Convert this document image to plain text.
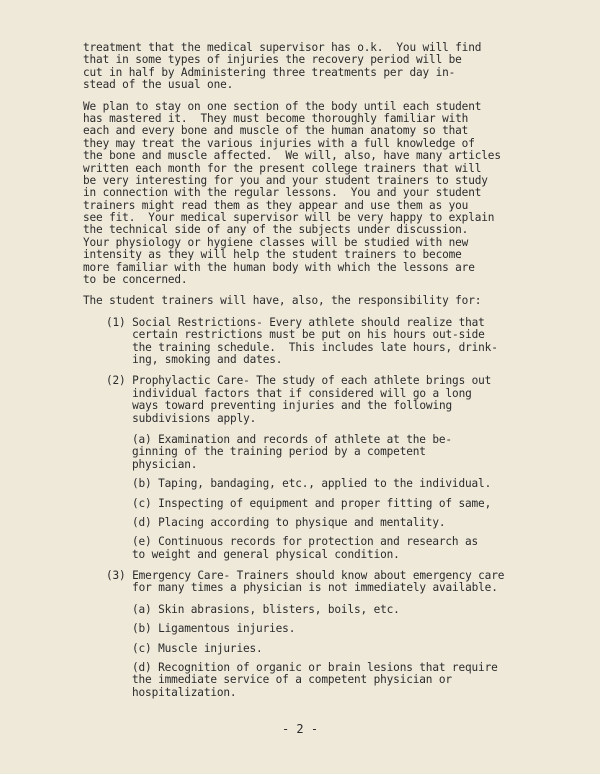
treatment that the medical supervisor has o.k.  You will find
that in some types of injuries the recovery period will be
cut in half by Administering three treatments per day in-
stead of the usual one.
We plan to stay on one section of the body until each student
has mastered it.  They must become thoroughly familiar with
each and every bone and muscle of the human anatomy so that
they may treat the various injuries with a full knowledge of
the bone and muscle affected.  We will, also, have many articles
written each month for the present college trainers that will
be very interesting for you and your student trainers to study
in connection with the regular lessons.  You and your student
trainers might read them as they appear and use them as you
see fit.  Your medical supervisor will be very happy to explain
the technical side of any of the subjects under discussion.
Your physiology or hygiene classes will be studied with new
intensity as they will help the student trainers to become
more familiar with the human body with which the lessons are
to be concerned.
The student trainers will have, also, the responsibility for:
(1) Social Restrictions- Every athlete should realize that
certain restrictions must be put on his hours out-side
the training schedule.  This includes late hours, drink-
ing, smoking and dates.
(2) Prophylactic Care- The study of each athlete brings out
individual factors that if considered will go a long
ways toward preventing injuries and the following
subdivisions apply.
(a) Examination and records of athlete at the be-
ginning of the training period by a competent
physician.
(b) Taping, bandaging, etc., applied to the individual.
(c) Inspecting of equipment and proper fitting of same,
(d) Placing according to physique and mentality.
(e) Continuous records for protection and research as
to weight and general physical condition.
(3) Emergency Care- Trainers should know about emergency care
for many times a physician is not immediately available.
(a) Skin abrasions, blisters, boils, etc.
(b) Ligamentous injuries.
(c) Muscle injuries.
(d) Recognition of organic or brain lesions that require
the immediate service of a competent physician or
hospitalization.
- 2 -
